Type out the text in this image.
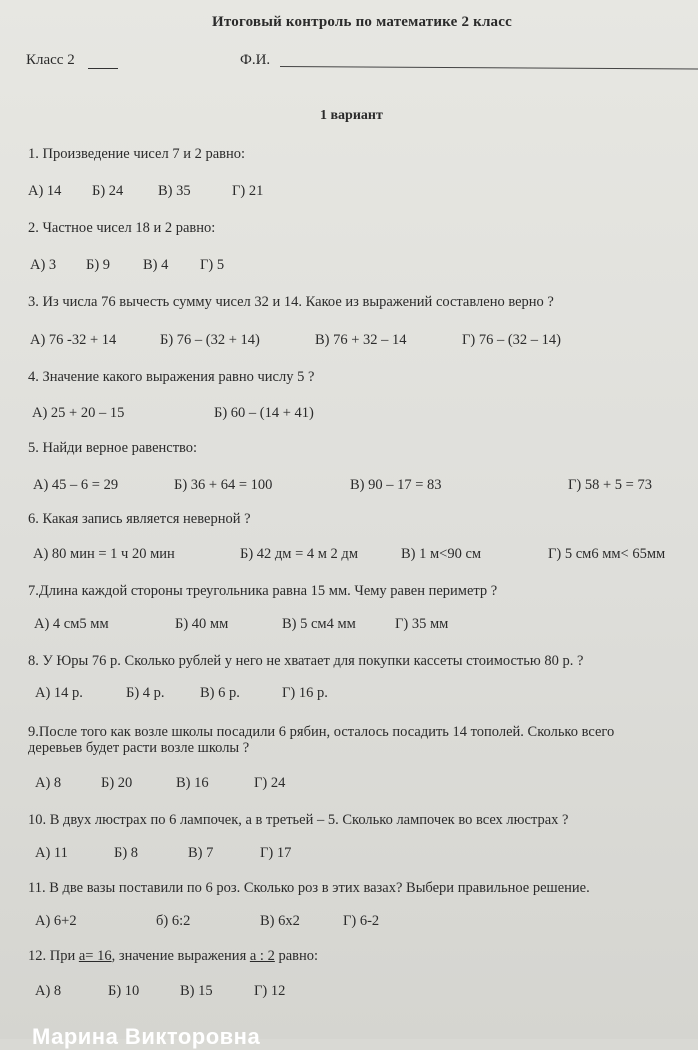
Итоговый контроль по математике 2 класс
Класс 2	Ф.И.
1 вариант
1. Произведение чисел 7 и 2 равно:
А) 14 Б) 24 В) 35	Г) 21
2. Частное чисел 18 и 2 равно:
А) 3 Б) 9 В) 4 Г) 5
3. Из числа 76 вычесть сумму чисел 32 и 14. Какое из выражений составлено верно ?
А) 76 -32 + 14	Б) 76 – (32 + 14)	В) 76 + 32 – 14	Г) 76 – (32 – 14)
4. Значение какого выражения равно числу 5 ?
А) 25 + 20 – 15	Б) 60 – (14 + 41)
5. Найди верное равенство:
А) 45 – 6 = 29	Б) 36 + 64 = 100	В) 90 – 17 = 83	Г) 58 + 5 = 73
6. Какая запись является неверной ?
А) 80 мин = 1 ч 20 мин	Б) 42 дм = 4 м 2 дм	В) 1 м<90 см	Г) 5 см6 мм< 65мм
7.Длина каждой стороны треугольника равна 15 мм. Чему равен периметр ?
А) 4 см5 мм	Б) 40 мм	В) 5 см4 мм	Г) 35 мм
8. У Юры 76 р. Сколько рублей у него не хватает для покупки кассеты стоимостью 80 р. ?
А) 14 р.	Б) 4 р. В) 6 р.	Г) 16 р.
9.После того как возле школы посадили 6 рябин, осталось посадить 14 тополей. Сколько всего
деревьев будет расти возле школы ?
А) 8	Б) 20	В) 16	Г) 24
10. В двух люстрах по 6 лампочек, а в третьей – 5. Сколько лампочек во всех люстрах ?
А) 11	Б) 8	В) 7	Г) 17
11. В две вазы поставили по 6 роз. Сколько роз в этих вазах? Выбери правильное решение.
А) 6+2	б) 6:2	В) 6х2	Г) 6-2
12. При а= 16, значение выражения а : 2 равно:
А) 8	Б) 10	В) 15	Г) 12
Марина Викторовна
